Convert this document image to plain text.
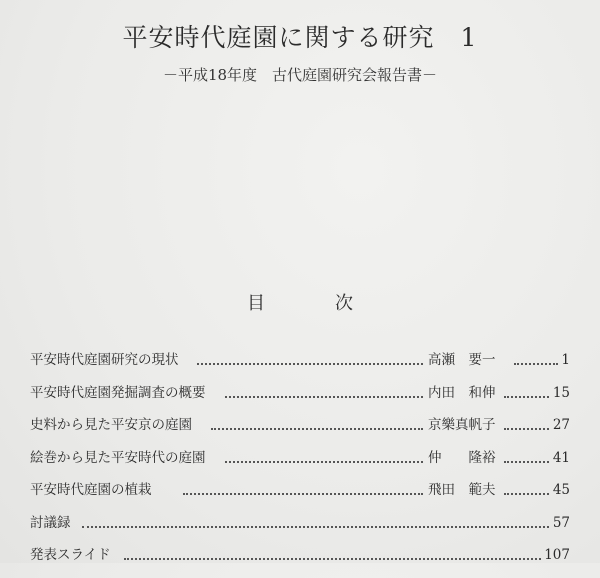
平安時代庭園に関する研究　1
－平成18年度　古代庭園研究会報告書－
目	次
平安時代庭園研究の現状	高瀬　要一	1
平安時代庭園発掘調査の概要	内田　和伸	15
史料から見た平安京の庭園	京樂真帆子	27
絵巻から見た平安時代の庭園	仲　　隆裕	41
平安時代庭園の植栽	飛田　範夫	45
討議録	57
発表スライド	107
